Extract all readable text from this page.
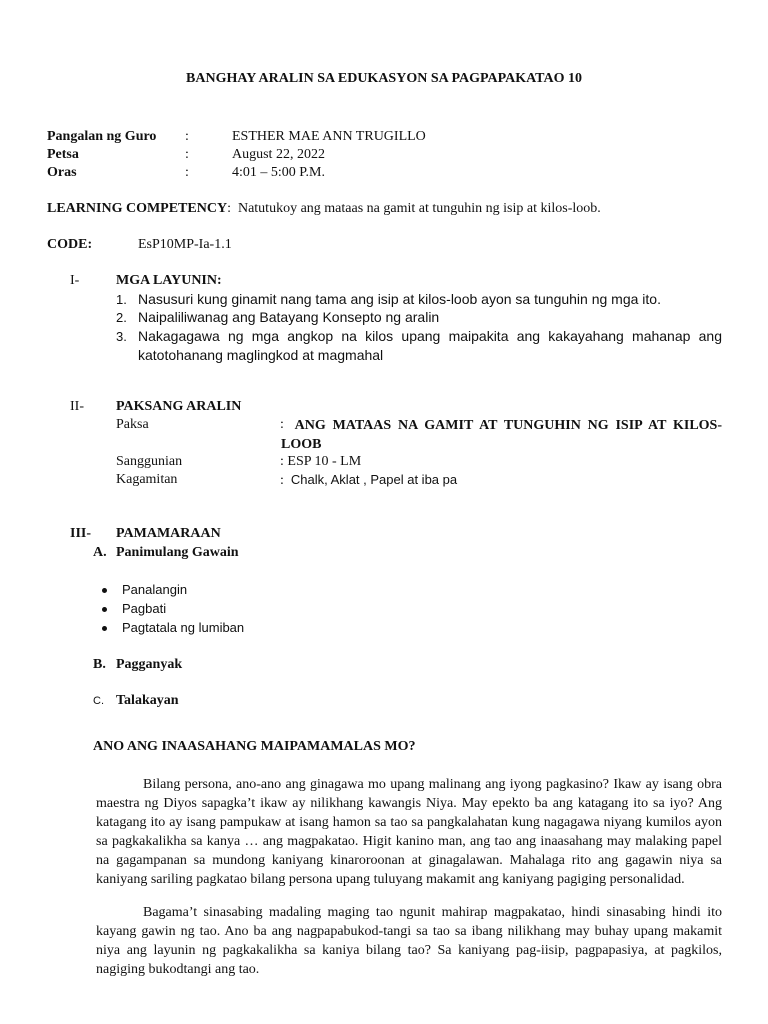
BANGHAY ARALIN SA EDUKASYON SA PAGPAPAKATAO 10
Pangalan ng Guro :	ESTHER MAE ANN TRUGILLO
Petsa	:	August 22, 2022
Oras	:	4:01 – 5:00 P.M.
LEARNING COMPETENCY: Natutukoy ang mataas na gamit at tunguhin ng isip at kilos-loob.
CODE:	EsP10MP-Ia-1.1
I-	MGA LAYUNIN:
1. Nasusuri kung ginamit nang tama ang isip at kilos-loob ayon sa tunguhin ng mga ito.
2. Naipaliliwanag ang Batayang Konsepto ng aralin
3. Nakagagawa ng mga angkop na kilos upang maipakita ang kakayahang mahanap ang katotohanang maglingkod at magmahal
II- PAKSANG ARALIN
Paksa	: ANG MATAAS NA GAMIT AT TUNGUHIN NG ISIP AT KILOS-LOOB
Sanggunian	: ESP 10 - LM
Kagamitan	: Chalk, Aklat , Papel at iba pa
III- PAMAMARAAN
A. Panimulang Gawain
Panalangin
Pagbati
Pagtatala ng lumiban
B. Pagganyak
C. Talakayan
ANO ANG INAASAHANG MAIPAMAMALAS MO?

Bilang persona, ano-ano ang ginagawa mo upang malinang ang iyong pagkasino? Ikaw ay isang obra maestra ng Diyos sapagka’t ikaw ay nilikhang kawangis Niya. May epekto ba ang katagang ito sa iyo? Ang katagang ito ay isang pampukaw at isang hamon sa tao sa pangkalahatan kung nagagawa niyang kumilos ayon sa pagkakalikha sa kanya … ang magpakatao. Higit kanino man, ang tao ang inaasahang may malaking papel na gagampanan sa mundong kaniyang kinaroroonan at ginagalawan. Mahalaga rito ang gagawin niya sa kaniyang sariling pagkatao bilang persona upang tuluyang makamit ang kaniyang pagiging personalidad.

Bagama’t sinasabing madaling maging tao ngunit mahirap magpakatao, hindi sinasabing hindi ito kayang gawin ng tao. Ano ba ang nagpapabukod-tangi sa tao sa ibang nilikhang may buhay upang makamit niya ang layunin ng pagkakalikha sa kaniya bilang tao? Sa kaniyang pag-iisip, pagpapasiya, at pagkilos, nagiging bukodtangi ang tao.
